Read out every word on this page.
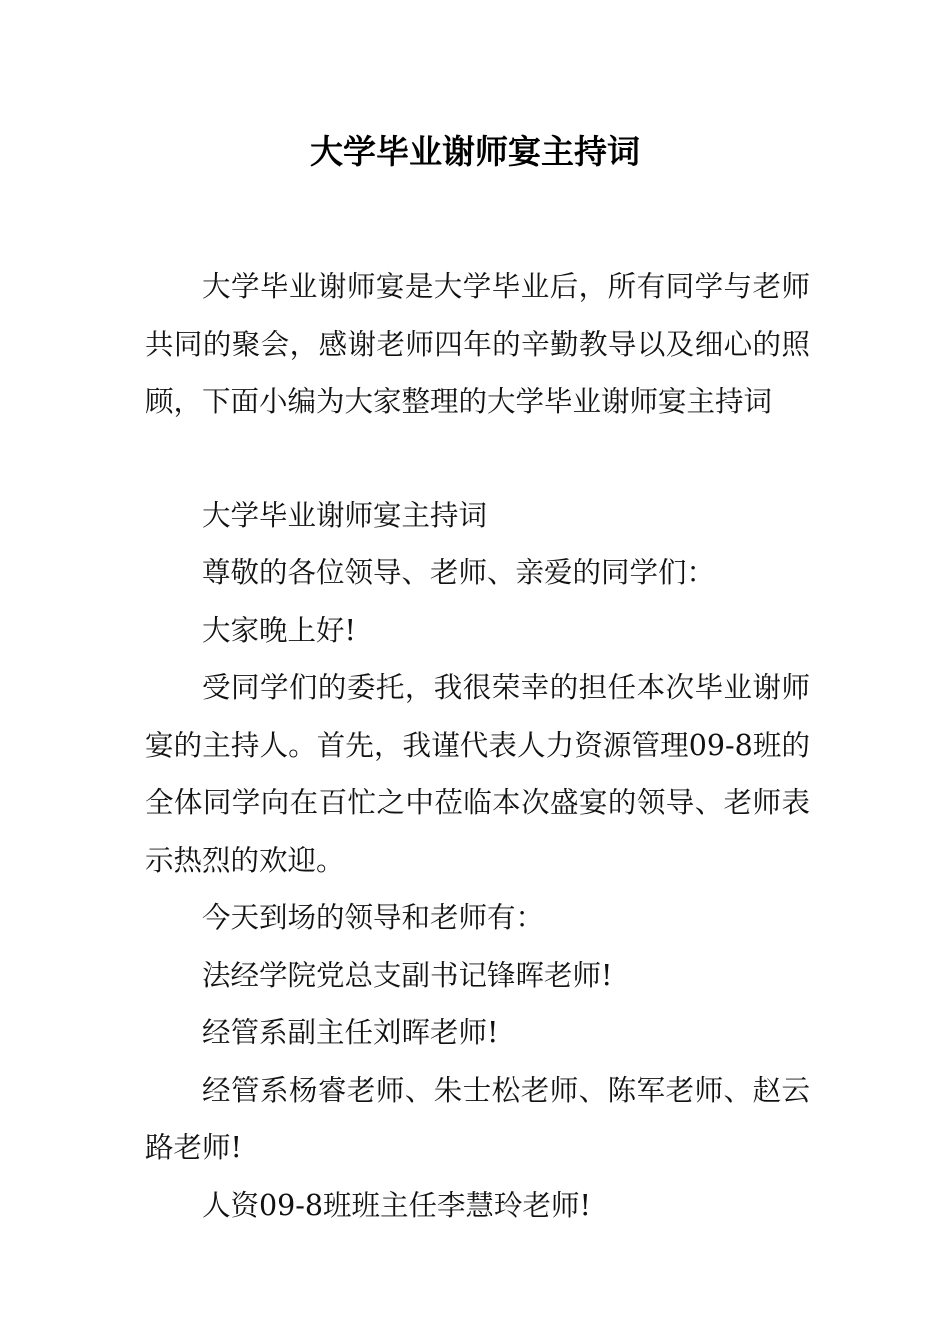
大学毕业谢师宴主持词

大学毕业谢师宴是大学毕业后，所有同学与老师共同的聚会，感谢老师四年的辛勤教导以及细心的照顾，下面小编为大家整理的大学毕业谢师宴主持词

大学毕业谢师宴主持词

尊敬的各位领导、老师、亲爱的同学们：

大家晚上好!

受同学们的委托，我很荣幸的担任本次毕业谢师宴的主持人。首先，我谨代表人力资源管理09-8班的全体同学向在百忙之中莅临本次盛宴的领导、老师表示热烈的欢迎。

今天到场的领导和老师有：

法经学院党总支副书记锋晖老师!

经管系副主任刘晖老师!

经管系杨睿老师、朱士松老师、陈军老师、赵云路老师!

人资09-8班班主任李慧玲老师!
